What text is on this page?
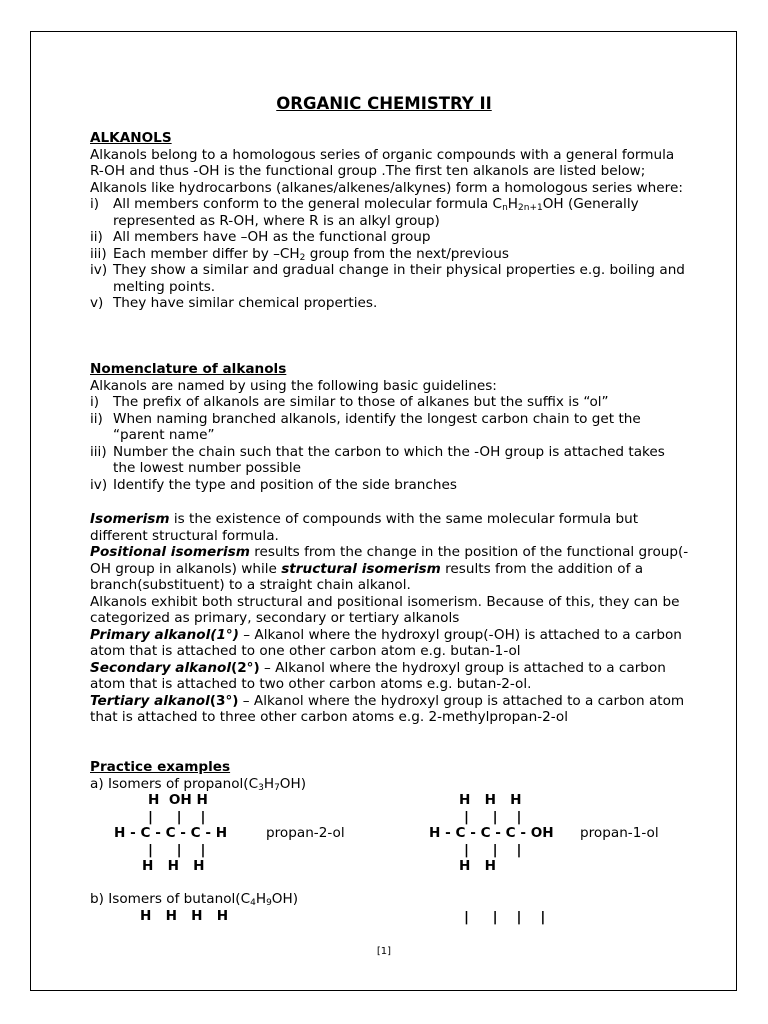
ORGANIC CHEMISTRY II
ALKANOLS
Alkanols belong to a homologous series of organic compounds with a general formula R-OH and thus -OH is the functional group .The first ten alkanols are listed below;
Alkanols like hydrocarbons (alkanes/alkenes/alkynes) form a homologous series where:
i)	All members conform to the general molecular formula $C_nH_{2n+1}OH$ (Generally represented as R-OH, where R is an alkyl group)
ii) All members have –OH as the functional group
iii) Each member differ by $-CH_2$ group from the next/previous
iv) They show a similar and gradual change in their physical properties e.g. boiling and melting points.
v) They have similar chemical properties.
Nomenclature of alkanols
Alkanols are named by using the following basic guidelines:
i)	The prefix of alkanols are similar to those of alkanes but the suffix is “ol”
ii) When naming branched alkanols, identify the longest carbon chain to get the “parent name”
iii) Number the chain such that the carbon to which the -OH group is attached takes the lowest number possible
iv) Identify the type and position of the side branches
Isomerism is the existence of compounds with the same molecular formula but different structural formula.
Positional isomerism results from the change in the position of the functional group(-OH group in alkanols) while structural isomerism results from the addition of a branch(substituent) to a straight chain alkanol.
Alkanols exhibit both structural and positional isomerism. Because of this, they can be categorized as primary, secondary or tertiary alkanols
Primary alkanol(1°) – Alkanol where the hydroxyl group(-OH) is attached to a carbon atom that is attached to one other carbon atom e.g. butan-1-ol
Secondary alkanol(2°) – Alkanol where the hydroxyl group is attached to a carbon atom that is attached to two other carbon atoms e.g. butan-2-ol.
Tertiary alkanol(3°) – Alkanol where the hydroxyl group is attached to a carbon atom that is attached to three other carbon atoms e.g. 2-methylpropan-2-ol
Practice examples
a) Isomers of $propanol(C_3H_7OH)$
H  OH H
|     |    |
H - C - C - C - H
|     |    |
H   H   H
propan-2-ol
H   H   H
|     |    |
H - C - C - C - OH
|     |    |
H   H
propan-1-ol
b) Isomers of $butanol(C_4H_9OH)$
H   H   H   H	|     |    |    |
[1]
